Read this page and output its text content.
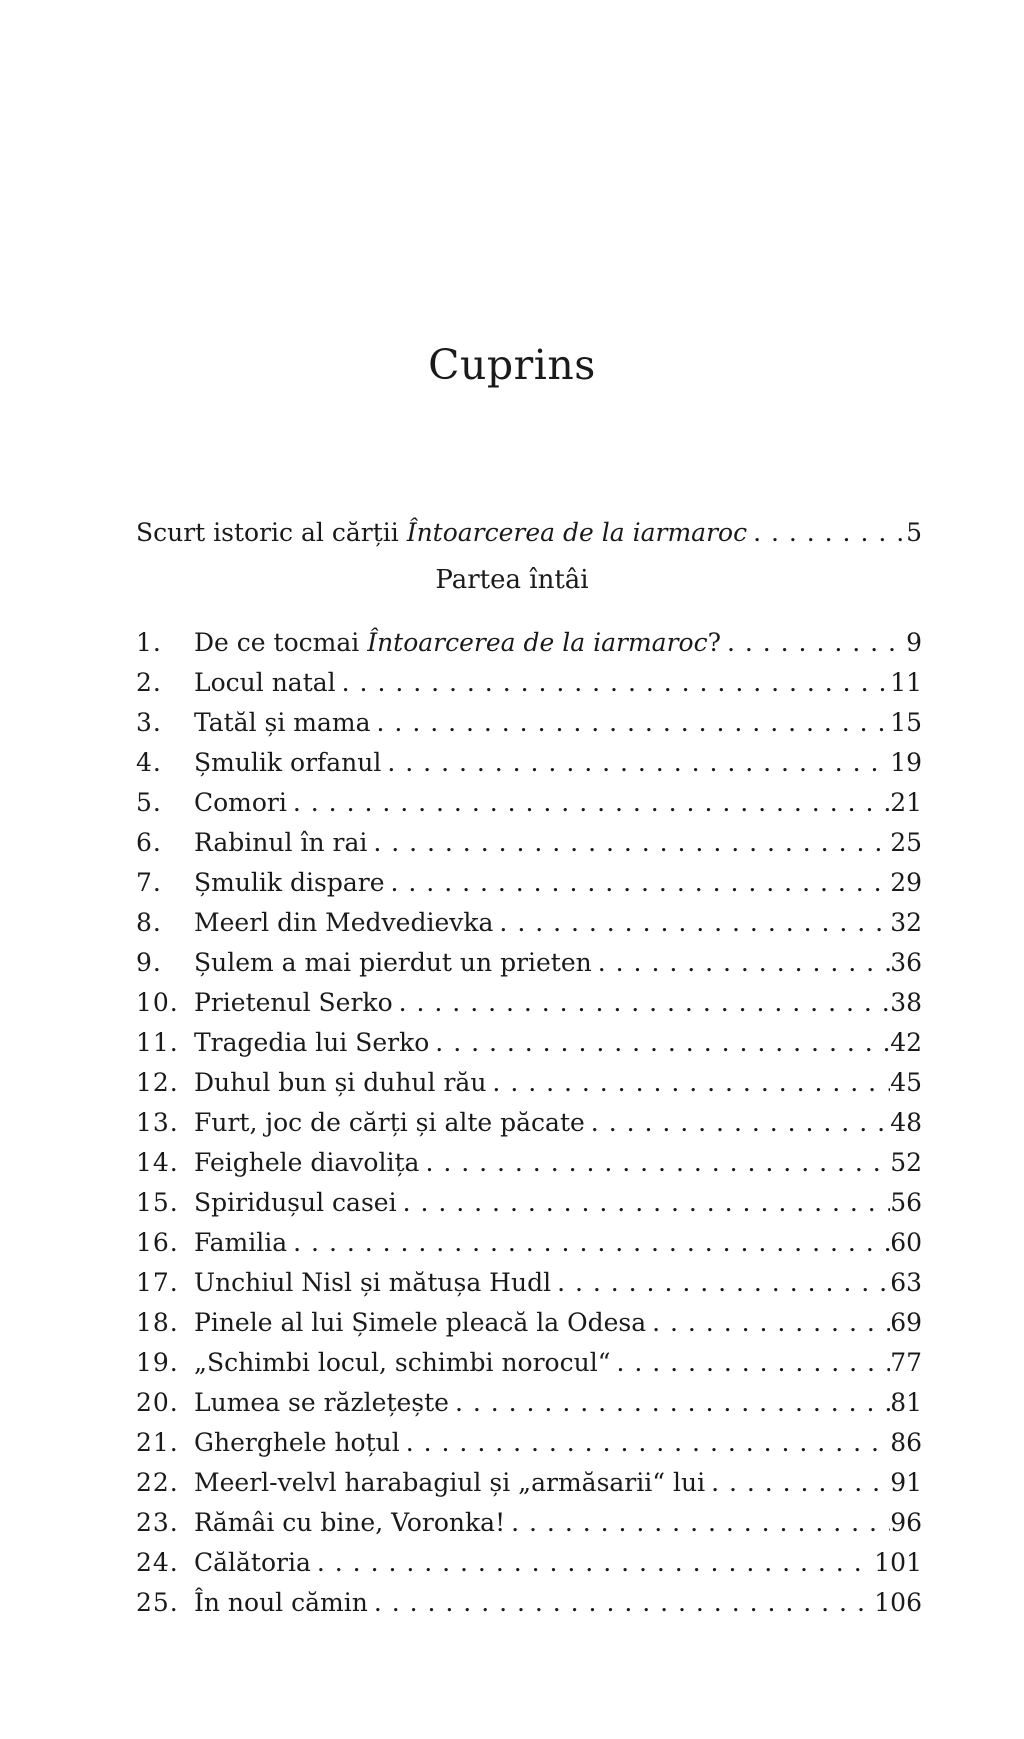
Cuprins
Scurt istoric al cărții Întoarcerea de la iarmaroc . . .	5
Partea întâi
1.	De ce tocmai Întoarcerea de la iarmaroc? . . .	9
2.	Locul natal . . .	11
3.	Tatăl și mama . . .	15
4.	Șmulik orfanul . . .	19
5.	Comori . . .	21
6.	Rabinul în rai . . .	25
7.	Șmulik dispare . . .	29
8.	Meerl din Medvedievka . . .	32
9.	Șulem a mai pierdut un prieten . . .	36
10. Prietenul Serko . . .	38
11. Tragedia lui Serko . . .	42
12. Duhul bun și duhul rău . . .	45
13. Furt, joc de cărți și alte păcate . . .	48
14. Feighele diavolița . . .	52
15. Spiridușul casei . . .	56
16. Familia . . .	60
17. Unchiul Nisl și mătușa Hudl . . .	63
18. Pinele al lui Șimele pleacă la Odesa . . .	69
19. „Schimbi locul, schimbi norocul“ . . .	77
20. Lumea se răzlețește . . .	81
21. Gherghele hoțul . . .	86
22. Meerl-velvl harabagiul și „armăsarii“ lui . . .	91
23. Rămâi cu bine, Voronka! . . .	96
24. Călătoria . . .	101
25. În noul cămin . . .	106
